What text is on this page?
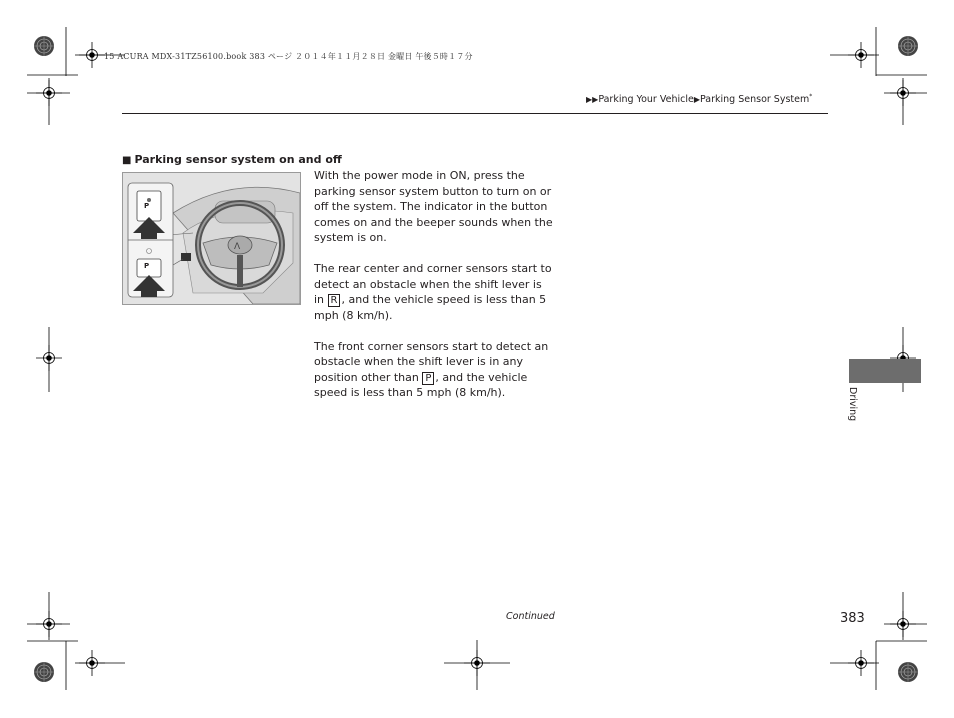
15 ACURA MDX-31TZ56100.book 383 ページ ２０１４年１１月２８日 金曜日 午後５時１７分
▶▶Parking Your Vehicle▶Parking Sensor System*
■ Parking sensor system on and off
Λ
P
P

With the power mode in ON, press the parking sensor system button to turn on or off the system. The indicator in the button comes on and the beeper sounds when the system is on.

The rear center and corner sensors start to detect an obstacle when the shift lever is in R , and the vehicle speed is less than 5 mph (8 km/h).

The front corner sensors start to detect an obstacle when the shift lever is in any position other than P , and the vehicle speed is less than 5 mph (8 km/h).	Driving
Continued	383
